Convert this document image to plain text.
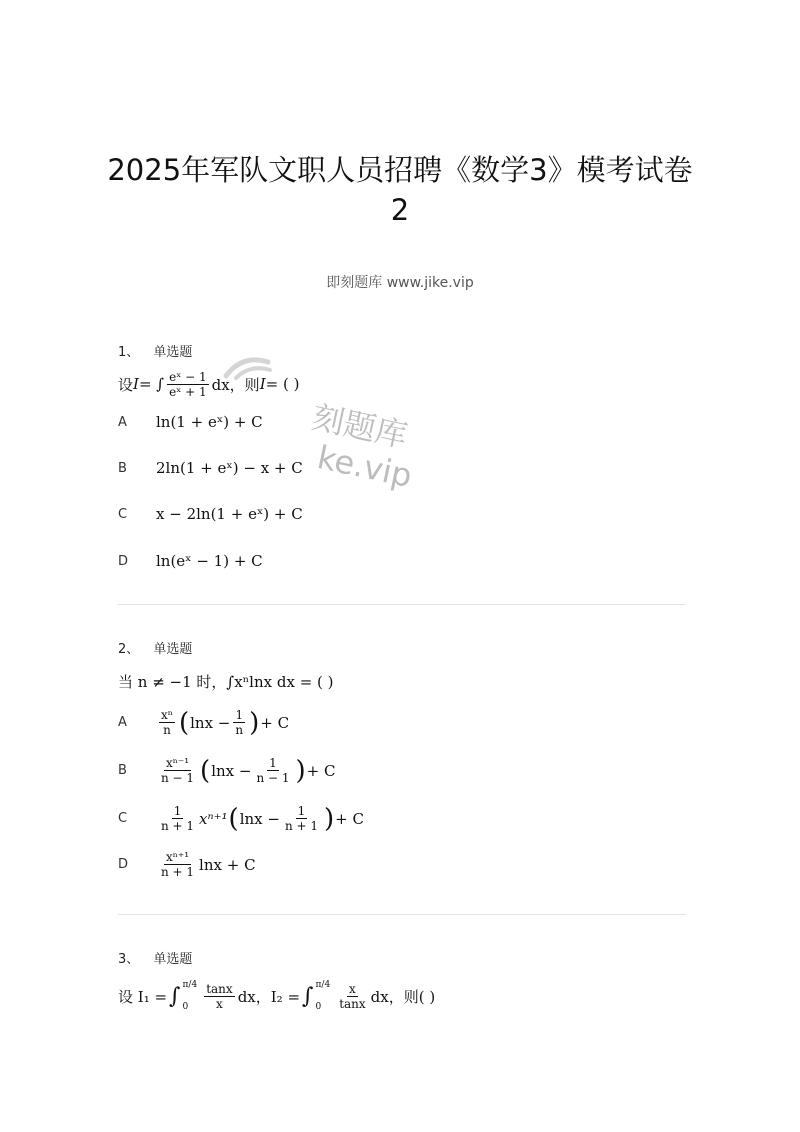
2025年军队文职人员招聘《数学3》模考试卷2
即刻题库 www.jike.vip
刻题库
ke.vip
1、 单选题
设 I = ∫ $\frac{\text{eˣ − 1}}{\text{eˣ + 1}}$ dx，则 I = ( )
A	ln(1 + eˣ) + C
B	2ln(1 + eˣ) − x + C
C	x − 2ln(1 + eˣ) + C
D	ln(eˣ − 1) + C
2、 单选题
当 n ≠ −1 时，∫xⁿlnx dx = ( )
A	$\frac{\text{xⁿ}}{n}$ ( $\ln x - \frac{1}{n}$ ) + C
B	$\frac{\text{xⁿ⁻¹}}{n - 1}$ ( $\ln x - \frac{1}{n - 1}$ ) + C
C	$\frac{1}{n + 1} x^{n+1}$ ( $\ln x - \frac{1}{n + 1}$ ) + C
D	$\frac{\text{xⁿ⁺¹}}{n + 1}$ lnx + C
3、 单选题
设 I₁ = ∫ π/4
0	$\frac{\tan x}{x}$ dx，I₂ = ∫ π/4
0	$\frac{x}{\tan x}$ dx，则( )
